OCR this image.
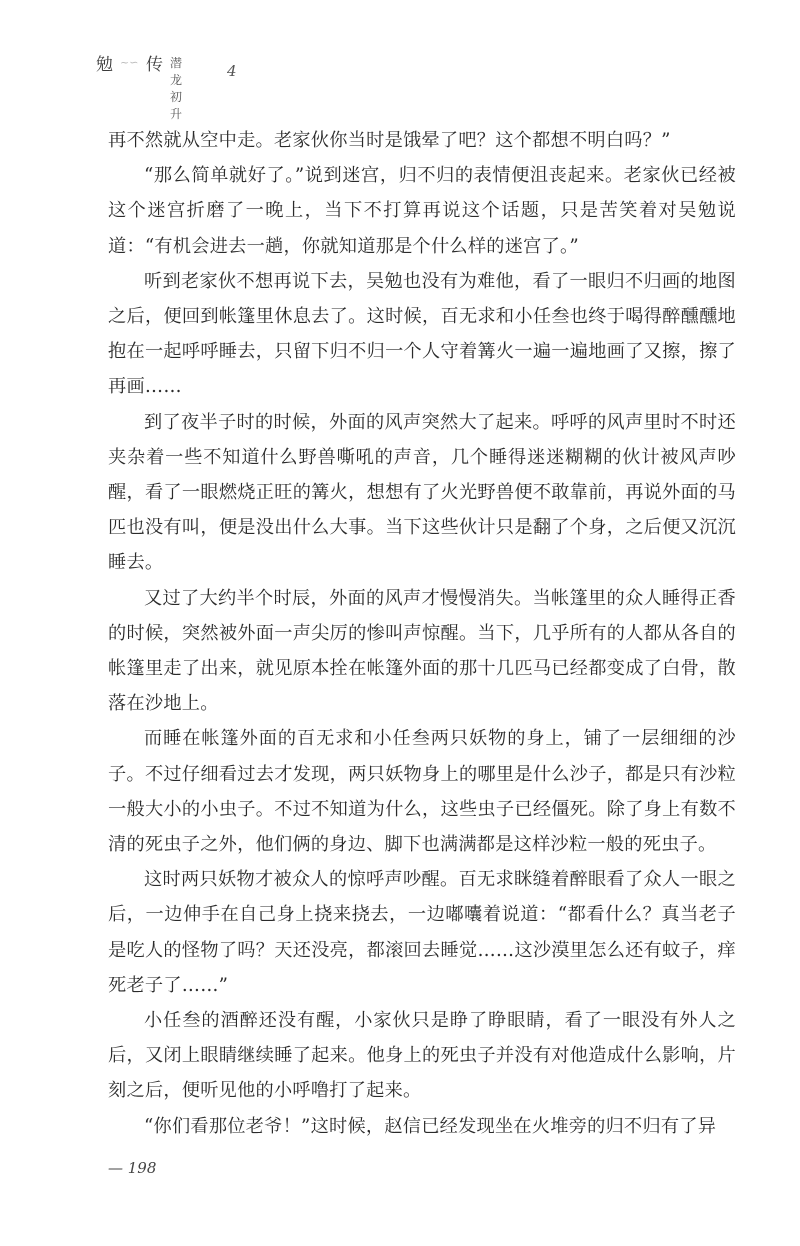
勉 ~∽ 传 潜龙初升
4

再不然就从空中走。老家伙你当时是饿晕了吧？这个都想不明白吗？”

“那么简单就好了。”说到迷宫，归不归的表情便沮丧起来。老家伙已经被这个迷宫折磨了一晚上，当下不打算再说这个话题，只是苦笑着对吴勉说道：“有机会进去一趟，你就知道那是个什么样的迷宫了。”

听到老家伙不想再说下去，吴勉也没有为难他，看了一眼归不归画的地图之后，便回到帐篷里休息去了。这时候，百无求和小任叁也终于喝得醉醺醺地抱在一起呼呼睡去，只留下归不归一个人守着篝火一遍一遍地画了又擦，擦了再画……

到了夜半子时的时候，外面的风声突然大了起来。呼呼的风声里时不时还夹杂着一些不知道什么野兽嘶吼的声音，几个睡得迷迷糊糊的伙计被风声吵醒，看了一眼燃烧正旺的篝火，想想有了火光野兽便不敢靠前，再说外面的马匹也没有叫，便是没出什么大事。当下这些伙计只是翻了个身，之后便又沉沉睡去。

又过了大约半个时辰，外面的风声才慢慢消失。当帐篷里的众人睡得正香的时候，突然被外面一声尖厉的惨叫声惊醒。当下，几乎所有的人都从各自的帐篷里走了出来，就见原本拴在帐篷外面的那十几匹马已经都变成了白骨，散落在沙地上。

而睡在帐篷外面的百无求和小任叁两只妖物的身上，铺了一层细细的沙子。不过仔细看过去才发现，两只妖物身上的哪里是什么沙子，都是只有沙粒一般大小的小虫子。不过不知道为什么，这些虫子已经僵死。除了身上有数不清的死虫子之外，他们俩的身边、脚下也满满都是这样沙粒一般的死虫子。

这时两只妖物才被众人的惊呼声吵醒。百无求眯缝着醉眼看了众人一眼之后，一边伸手在自己身上挠来挠去，一边嘟囔着说道：“都看什么？真当老子是吃人的怪物了吗？天还没亮，都滚回去睡觉……这沙漠里怎么还有蚊子，痒死老子了……”

小任叁的酒醉还没有醒，小家伙只是睁了睁眼睛，看了一眼没有外人之后，又闭上眼睛继续睡了起来。他身上的死虫子并没有对他造成什么影响，片刻之后，便听见他的小呼噜打了起来。

“你们看那位老爷！”这时候，赵信已经发现坐在火堆旁的归不归有了异

— 198
